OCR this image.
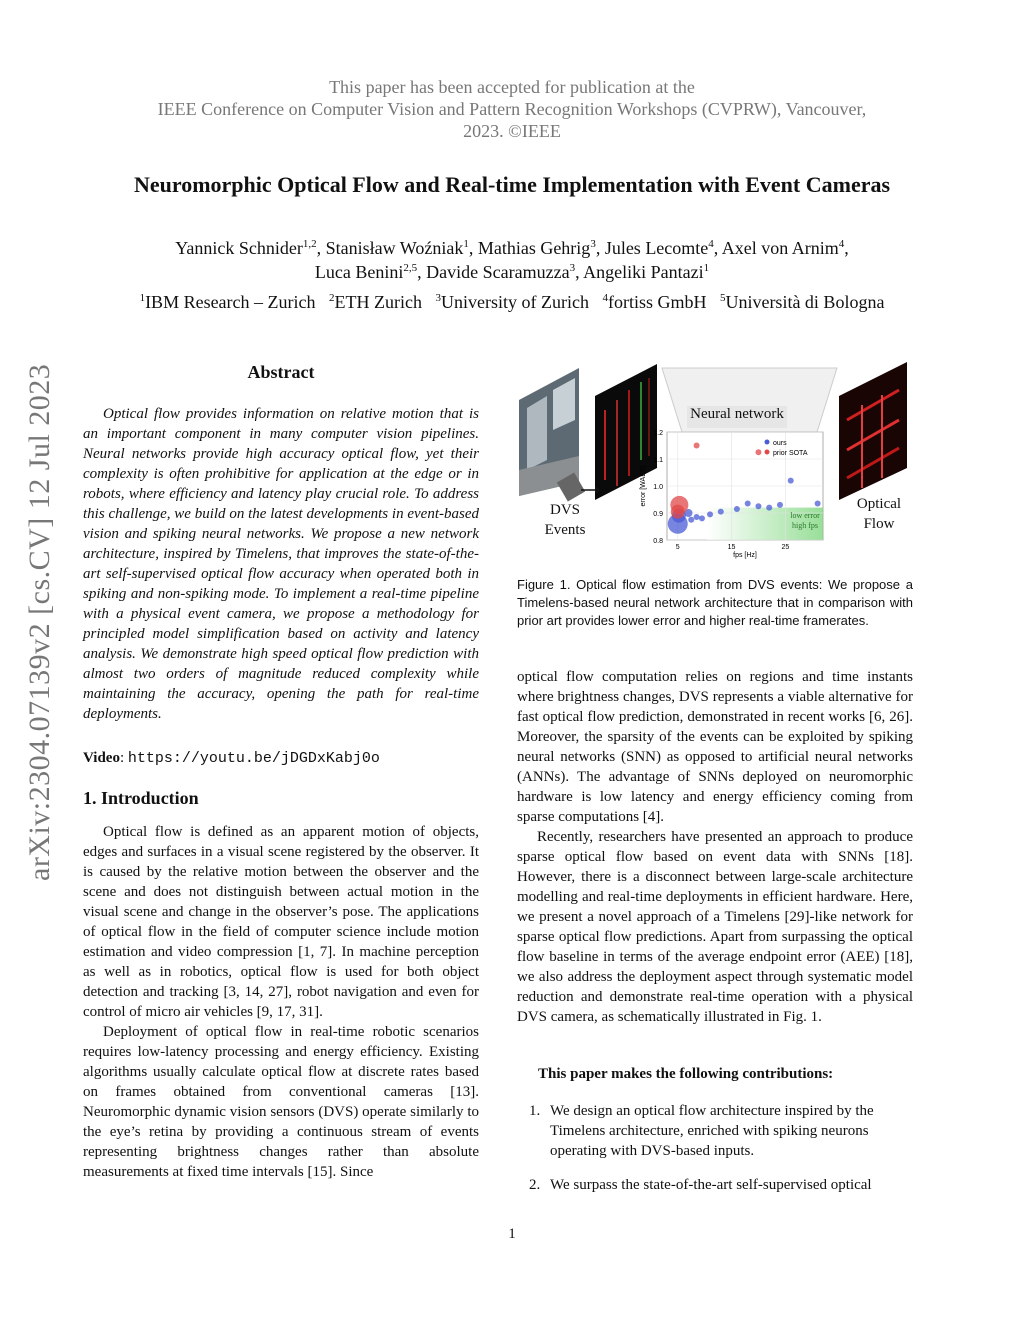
This paper has been accepted for publication at the
IEEE Conference on Computer Vision and Pattern Recognition Workshops (CVPRW), Vancouver,
2023. ©IEEE
Neuromorphic Optical Flow and Real-time Implementation with Event Cameras
Yannick Schnider$^{1,2}$, Stanisław Woźniak$^1$, Mathias Gehrig$^3$, Jules Lecomte$^4$, Axel von Arnim$^4$,
Luca Benini$^{2,5}$, Davide Scaramuzza$^3$, Angeliki Pantazi$^1$
$^1$IBM Research – Zurich $^2$ETH Zurich $^3$University of Zurich $^4$fortiss GmbH $^5$Università di Bologna
arXiv:2304.07139v2 [cs.CV] 12 Jul 2023	Abstract

Optical flow provides information on relative motion that is an important component in many computer vision pipelines. Neural networks provide high accuracy optical flow, yet their complexity is often prohibitive for application at the edge or in robots, where efficiency and latency play crucial role. To address this challenge, we build on the latest developments in event-based vision and spiking neural networks. We propose a new network architecture, inspired by Timelens, that improves the state-of-the-art self-supervised optical flow accuracy when operated both in spiking and non-spiking mode. To implement a real-time pipeline with a physical event camera, we propose a methodology for principled model simplification based on activity and latency analysis. We demonstrate high speed optical flow prediction with almost two orders of magnitude reduced complexity while maintaining the accuracy, opening the path for real-time deployments.

Video: https://youtu.be/jDGDxKabj0o
1. Introduction

Optical flow is defined as an apparent motion of objects, edges and surfaces in a visual scene registered by the observer. It is caused by the relative motion between the observer and the scene and does not distinguish between actual motion in the visual scene and change in the observer’s pose. The applications of optical flow in the field of computer science include motion estimation and video compression [1, 7]. In machine perception as well as in robotics, optical flow is used for both object detection and tracking [3, 14, 27], robot navigation and even for control of micro air vehicles [9, 17, 31].

Deployment of optical flow in real-time robotic scenarios requires low-latency processing and energy efficiency. Existing algorithms usually calculate optical flow at discrete rates based on frames obtained from conventional cameras [13]. Neuromorphic dynamic vision sensors (DVS) operate similarly to the eye’s retina by providing a continuous stream of events representing brightness changes rather than absolute measurements at fixed time intervals [15]. Since

0.8
0.9
1.0
1.1
1.2
5	15	25
fps [Hz]
error [WAEE]
ours
prior SOTA
low error
high fps
Neural network
DVS
Events
Optical
Flow

Figure 1. Optical flow estimation from DVS events: We propose a Timelens-based neural network architecture that in comparison with prior art provides lower error and higher real-time framerates.

optical flow computation relies on regions and time instants where brightness changes, DVS represents a viable alternative for fast optical flow prediction, demonstrated in recent works [6, 26]. Moreover, the sparsity of the events can be exploited by spiking neural networks (SNN) as opposed to artificial neural networks (ANNs). The advantage of SNNs deployed on neuromorphic hardware is low latency and energy efficiency coming from sparse computations [4].

Recently, researchers have presented an approach to produce sparse optical flow based on event data with SNNs [18]. However, there is a disconnect between large-scale architecture modelling and real-time deployments in efficient hardware. Here, we present a novel approach of a Timelens [29]-like network for sparse optical flow predictions. Apart from surpassing the optical flow baseline in terms of the average endpoint error (AEE) [18], we also address the deployment aspect through systematic model reduction and demonstrate real-time operation with a physical DVS camera, as schematically illustrated in Fig. 1.

This paper makes the following contributions:
1. We design an optical flow architecture inspired by the Timelens architecture, enriched with spiking neurons operating with DVS-based inputs.
2. We surpass the state-of-the-art self-supervised optical
1
